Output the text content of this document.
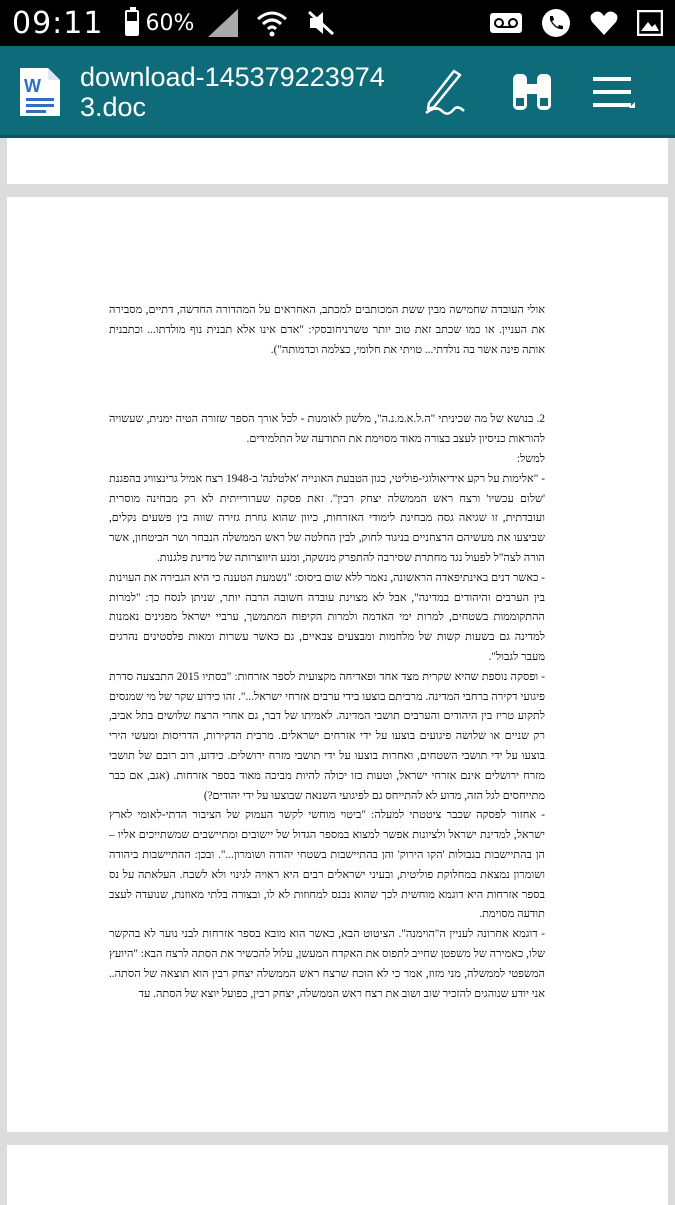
09:11 60%
W download-1453792239743.doc

אולי העובדה שחמישה מבין ששת המכותבים למכתב, האחראים על המהדורה החדשה, דתיים, מסבירה את העניין. או כמו שכתב זאת טוב יותר טשרניחובסקי: "אדם אינו אלא תבנית נוף מולדתו... וכתבנית אותה פינה אשר בה נולדתי... טויתי את חלומי, כצלמה וכדמותה").

2. בנושא של מה שכיניתי "ה.ל.א.מ.נ.ה", מלשון לאומנות - לכל אורך הספר שזורה הטיה ימנית, שעשויה להוראות כניסיון לעצב בצורה מאוד מסוימת את התודעה של התלמידים.

למשל:

- "אלימות על רקע אידיאולוגי-פוליטי, כגון הטבעת האונייה 'אלטלנה' ב-1948 רצח אמיל גרינצוויג בהפגנת 'שלום עכשיו' ורצח ראש הממשלה יצחק רבין". זאת פסקה שערורייתית לא רק מבחינה מוסרית ועובדתית, זו שגיאה גסה מבחינת לימודי האזרחות, כיוון שהוא גוזרת גזירה שווה בין פשעים נקלים, שביצעו את מעשיהם הרצחניים בניגוד לחוק, לבין החלטה של ראש הממשלה הנבחר ושר הביטחון, אשר הורה לצה"ל לפעול נגד מחתרת שסירבה להתפרק מנשקה, ומנע היווצרותה של מדינת פלגנות.

- כאשר דנים באינתיפאדה הראשונה, נאמר ללא שום ביסוס: "נשמעת הטענה כי היא הגבירה את העוינות בין הערבים והיהודים במדינה", אבל לא מצוינת עובדה חשובה הרבה יותר, שניתן לנסח כך: "למרות ההתקוממות בשטחים, למרות ימי האדמה ולמרות הקיפוח המתמשך, ערביי ישראל מפגינים נאמנות למדינה גם בשעות קשות של מלחמות ומבצעים צבאיים, גם כאשר עשרות ומאות פלסטינים נהרגים מעבר לגבול".

- ופסקה נוספת שהיא שקרית מצד אחד ופאדיחה מקצועית לספר אזרחות: "בסתיו 2015 התבצעה סדרת פיגועי דקירה ברחבי המדינה. מרביתם בוצעו בידי ערבים אזרחי ישראל...". זהו כידוע שקר של מי שמנסים לתקוע טריז בין היהודים והערבים תושבי המדינה. לאמיתו של דבר, גם אחרי הרצח שלושים בתל אביב, רק שניים או שלושה פיגועים בוצעו על ידי אזרחים ישראלים. מרבית הדקירות, הדריסות ומעשי הירי בוצעו על ידי תושבי השטחים, ואחרות בוצעו על ידי תושבי מזרח ירושלים. כידוע, רוב רובם של תושבי מזרח ירושלים אינם אזרחי ישראל, וטעות כזו יכולה להיות מביכה מאוד בספר אזרחות. (אגב, אם כבר מתייחסים לגל הזה, מדוע לא להתייחס גם לפיגועי השנאה שבוצעו על ידי יהודים?)

- אחזור לפסקה שכבר ציטטתי למעלה: "ביטוי מוחשי לקשר העמוק של הציבור הדתי-לאומי לארץ ישראל, למדינת ישראל ולציונות אפשר למצוא במספר הגדול של יישובים ומתיישבים שמשתייכים אליו – הן בהתיישבות בגבולות 'הקו הירוק' והן בהתיישבות בשטחי יהודה ושומרון...". ובכן: ההתיישבות ביהודה ושומרון נמצאת במחלוקת פוליטית, ובעיני ישראלים רבים היא ראויה לגינוי ולא לשבח. העלאתה על נס בספר אזרחות היא דוגמא מוחשית לכך שהוא נכנס למחוזות לא לו, ובצורה בלתי מאוזנת, שנועדה לעצב תודעה מסוימת.

- דוגמא אחרונה לעניין ה"הוימנה". הציטוט הבא, כאשר הוא מובא בספר אזרחות לבני נוער לא בהקשר שלו, כאמירה של משפטן שחייב לתפוס את האקדח המעשן, עלול להכשיר את הסתה לרצח הבא: "היועץ המשפטי לממשלה, מני מזוז, אמר כי לא הוכח שרצח ראש הממשלה יצחק רבין הוא תוצאה של הסתה.. אני יודע שנוהגים להזכיר שוב ושוב את רצח ראש הממשלה, יצחק רבין, כפועל יוצא של הסתה. עד
